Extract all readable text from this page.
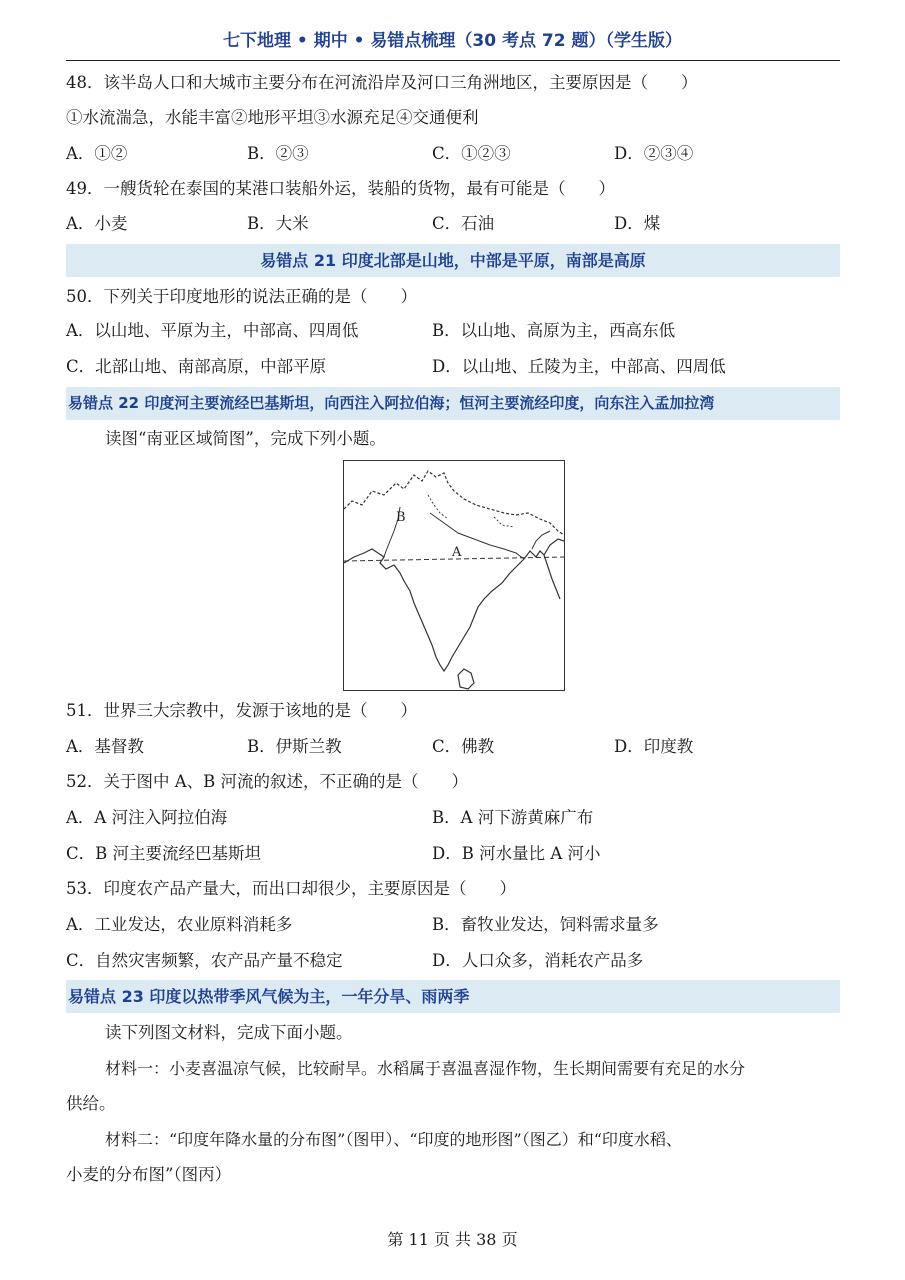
七下地理 • 期中 • 易错点梳理（30 考点 72 题）（学生版）
48．该半岛人口和大城市主要分布在河流沿岸及河口三角洲地区，主要原因是（　　）
①水流湍急，水能丰富②地形平坦③水源充足④交通便利
A．①②	B．②③	C．①②③	D．②③④
49．一艘货轮在泰国的某港口装船外运，装船的货物，最有可能是（　　）
A．小麦	B．大米	C．石油	D．煤
易错点 21 印度北部是山地，中部是平原，南部是高原
50．下列关于印度地形的说法正确的是（　　）
A．以山地、平原为主，中部高、四周低	B．以山地、高原为主，西高东低
C．北部山地、南部高原，中部平原	D．以山地、丘陵为主，中部高、四周低
易错点 22 印度河主要流经巴基斯坦，向西注入阿拉伯海；恒河主要流经印度，向东注入孟加拉湾
读图“南亚区域简图”，完成下列小题。
B
A
51．世界三大宗教中，发源于该地的是（　　）
A．基督教	B．伊斯兰教	C．佛教	D．印度教
52．关于图中 A、B 河流的叙述，不正确的是（　　）
A．A 河注入阿拉伯海	B．A 河下游黄麻广布
C．B 河主要流经巴基斯坦	D．B 河水量比 A 河小
53．印度农产品产量大，而出口却很少，主要原因是（　　）
A．工业发达，农业原料消耗多	B．畜牧业发达，饲料需求量多
C．自然灾害频繁，农产品产量不稳定	D．人口众多，消耗农产品多
易错点 23 印度以热带季风气候为主，一年分旱、雨两季
读下列图文材料，完成下面小题。
材料一：小麦喜温凉气候，比较耐旱。水稻属于喜温喜湿作物，生长期间需要有充足的水分
供给。
材料二：“印度年降水量的分布图”（图甲）、“印度的地形图”（图乙）和“印度水稻、
小麦的分布图”（图丙）
第 11 页 共 38 页
